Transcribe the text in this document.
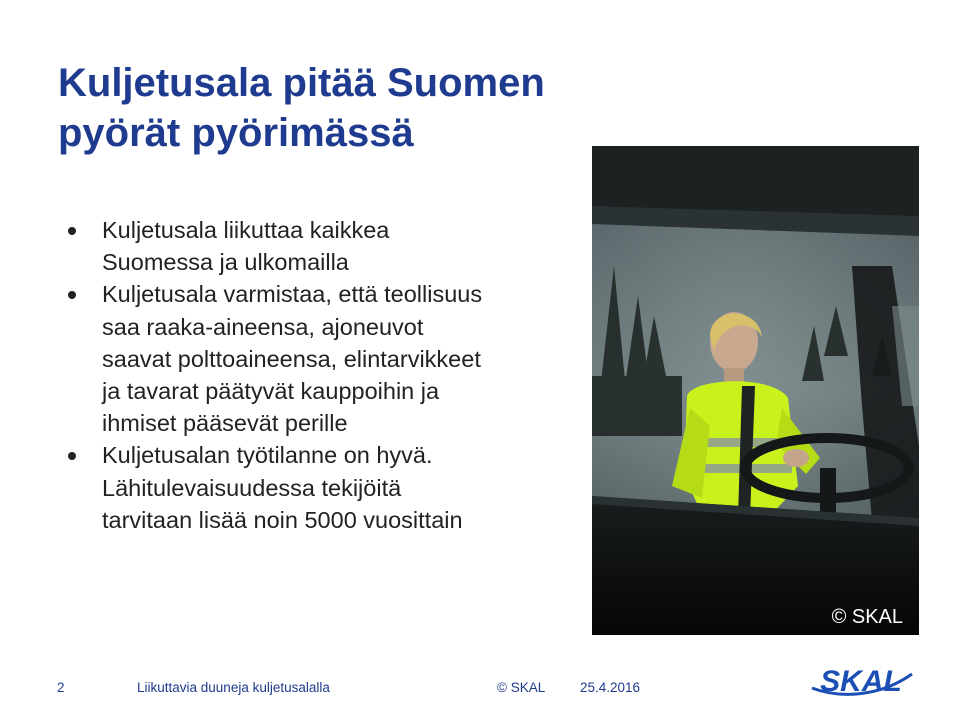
Kuljetusala pitää Suomen
pyörät pyörimässä
Kuljetusala liikuttaa kaikkea
Suomessa ja ulkomailla
Kuljetusala varmistaa, että teollisuus
saa raaka-aineensa, ajoneuvot
saavat polttoaineensa, elintarvikkeet
ja tavarat päätyvät kauppoihin ja
ihmiset pääsevät perille
Kuljetusalan työtilanne on hyvä.
Lähitulevaisuudessa tekijöitä
tarvitaan lisää noin 5000 vuosittain
© SKAL
2	Liikuttavia duuneja kuljetusalalla	© SKAL	25.4.2016	SKAL
